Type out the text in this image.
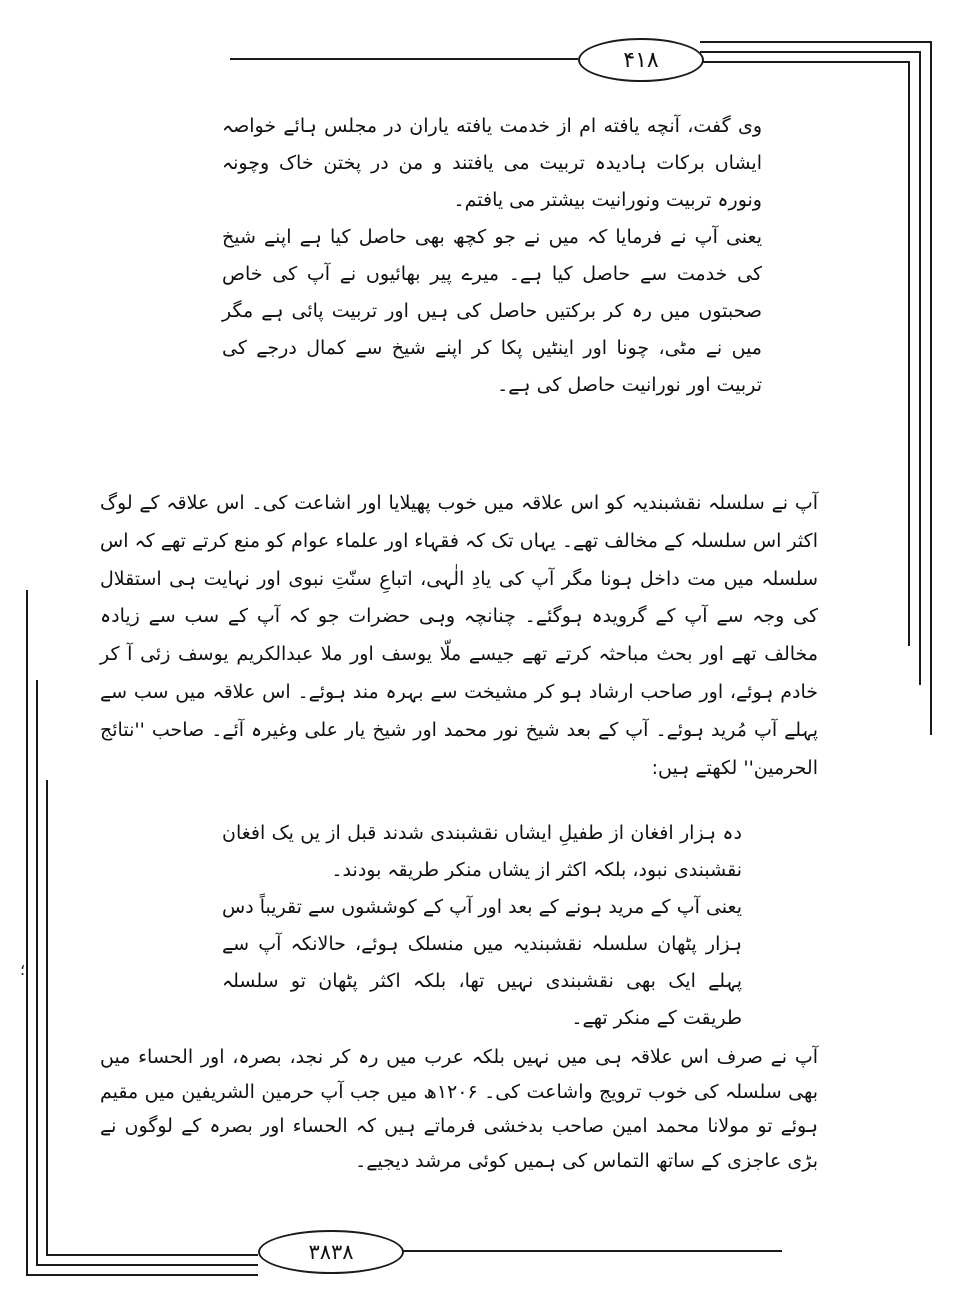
۴۱۸
۳۸۳۸

وی گفت، آنچه یافته ام از خدمت یافته یاران در مجلس ہائے خواصہ ایشاں برکات ہادیدہ تربیت می یافتند و من در پختن خاک وچونہ ونورہ تربیت ونورانیت بیشتر می یافتم۔

یعنی آپ نے فرمایا کہ میں نے جو کچھ بھی حاصل کیا ہے اپنے شیخ کی خدمت سے حاصل کیا ہے۔ میرے پیر بھائیوں نے آپ کی خاص صحبتوں میں رہ کر برکتیں حاصل کی ہیں اور تربیت پائی ہے مگر میں نے مٹی، چونا اور اینٹیں پکا کر اپنے شیخ سے کمال درجے کی تربیت اور نورانیت حاصل کی ہے۔

آپ نے سلسلہ نقشبندیہ کو اس علاقہ میں خوب پھیلایا اور اشاعت کی۔ اس علاقہ کے لوگ اکثر اس سلسلہ کے مخالف تھے۔ یہاں تک کہ فقہاء اور علماء عوام کو منع کرتے تھے کہ اس سلسلہ میں مت داخل ہونا مگر آپ کی یادِ الٰہی، اتباعِ سنّتِ نبوی اور نہایت ہی استقلال کی وجہ سے آپ کے گرویدہ ہوگئے۔ چنانچہ وہی حضرات جو کہ آپ کے سب سے زیادہ مخالف تھے اور بحث مباحثہ کرتے تھے جیسے ملّا یوسف اور ملا عبدالکریم یوسف زئی آ کر خادم ہوئے، اور صاحب ارشاد ہو کر مشیخت سے بہرہ مند ہوئے۔ اس علاقہ میں سب سے پہلے آپ مُرید ہوئے۔ آپ کے بعد شیخ نور محمد اور شیخ یار علی وغیرہ آئے۔ صاحب ''نتائج الحرمین'' لکھتے ہیں:

دہ ہزار افغان از طفیلِ ایشاں نقشبندی شدند قبل از یں یک افغان نقشبندی نبود، بلکہ اکثر از یشاں منکر طریقہ بودند۔

یعنی آپ کے مرید ہونے کے بعد اور آپ کے کوششوں سے تقریباً دس ہزار پٹھان سلسلہ نقشبندیہ میں منسلک ہوئے، حالانکہ آپ سے پہلے ایک بھی نقشبندی نہیں تھا، بلکہ اکثر پٹھان تو سلسلہ طریقت کے منکر تھے۔

آپ نے صرف اس علاقہ ہی میں نہیں بلکہ عرب میں رہ کر نجد، بصرہ، اور الحساء میں بھی سلسلہ کی خوب ترویج واشاعت کی۔ ۱۲۰۶ھ میں جب آپ حرمین الشریفین میں مقیم ہوئے تو مولانا محمد امین صاحب بدخشی فرماتے ہیں کہ الحساء اور بصرہ کے لوگوں نے بڑی عاجزی کے ساتھ التماس کی ہمیں کوئی مرشد دیجیے۔

؛
